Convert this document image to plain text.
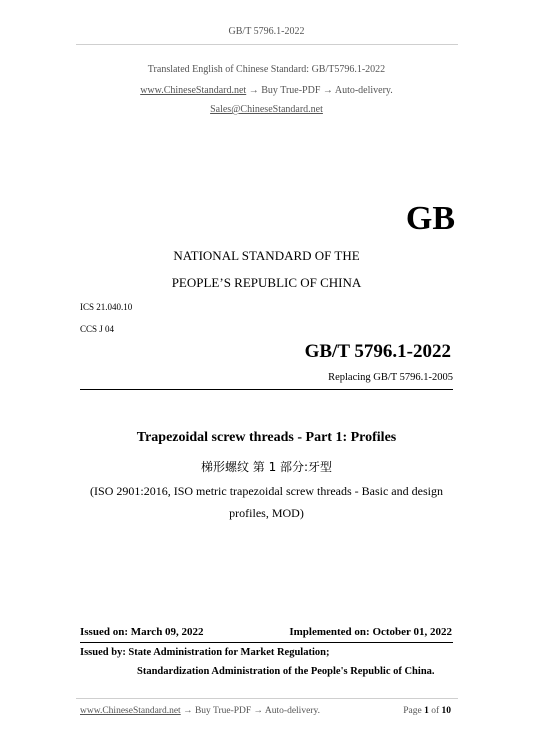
GB/T 5796.1-2022
Translated English of Chinese Standard: GB/T5796.1-2022
www.ChineseStandard.net → Buy True-PDF → Auto-delivery.
Sales@ChineseStandard.net
GB
NATIONAL STANDARD OF THE
PEOPLE’S REPUBLIC OF CHINA
ICS 21.040.10
CCS J 04
GB/T 5796.1-2022
Replacing GB/T 5796.1-2005
Trapezoidal screw threads - Part 1: Profiles
梯形螺纹 第 1 部分:牙型
(ISO 2901:2016, ISO metric trapezoidal screw threads - Basic and design
profiles, MOD)
Issued on: March 09, 2022	Implemented on: October 01, 2022
Issued by: State Administration for Market Regulation;
Standardization Administration of the People's Republic of China.
www.ChineseStandard.net → Buy True-PDF → Auto-delivery.	Page 1 of 10
